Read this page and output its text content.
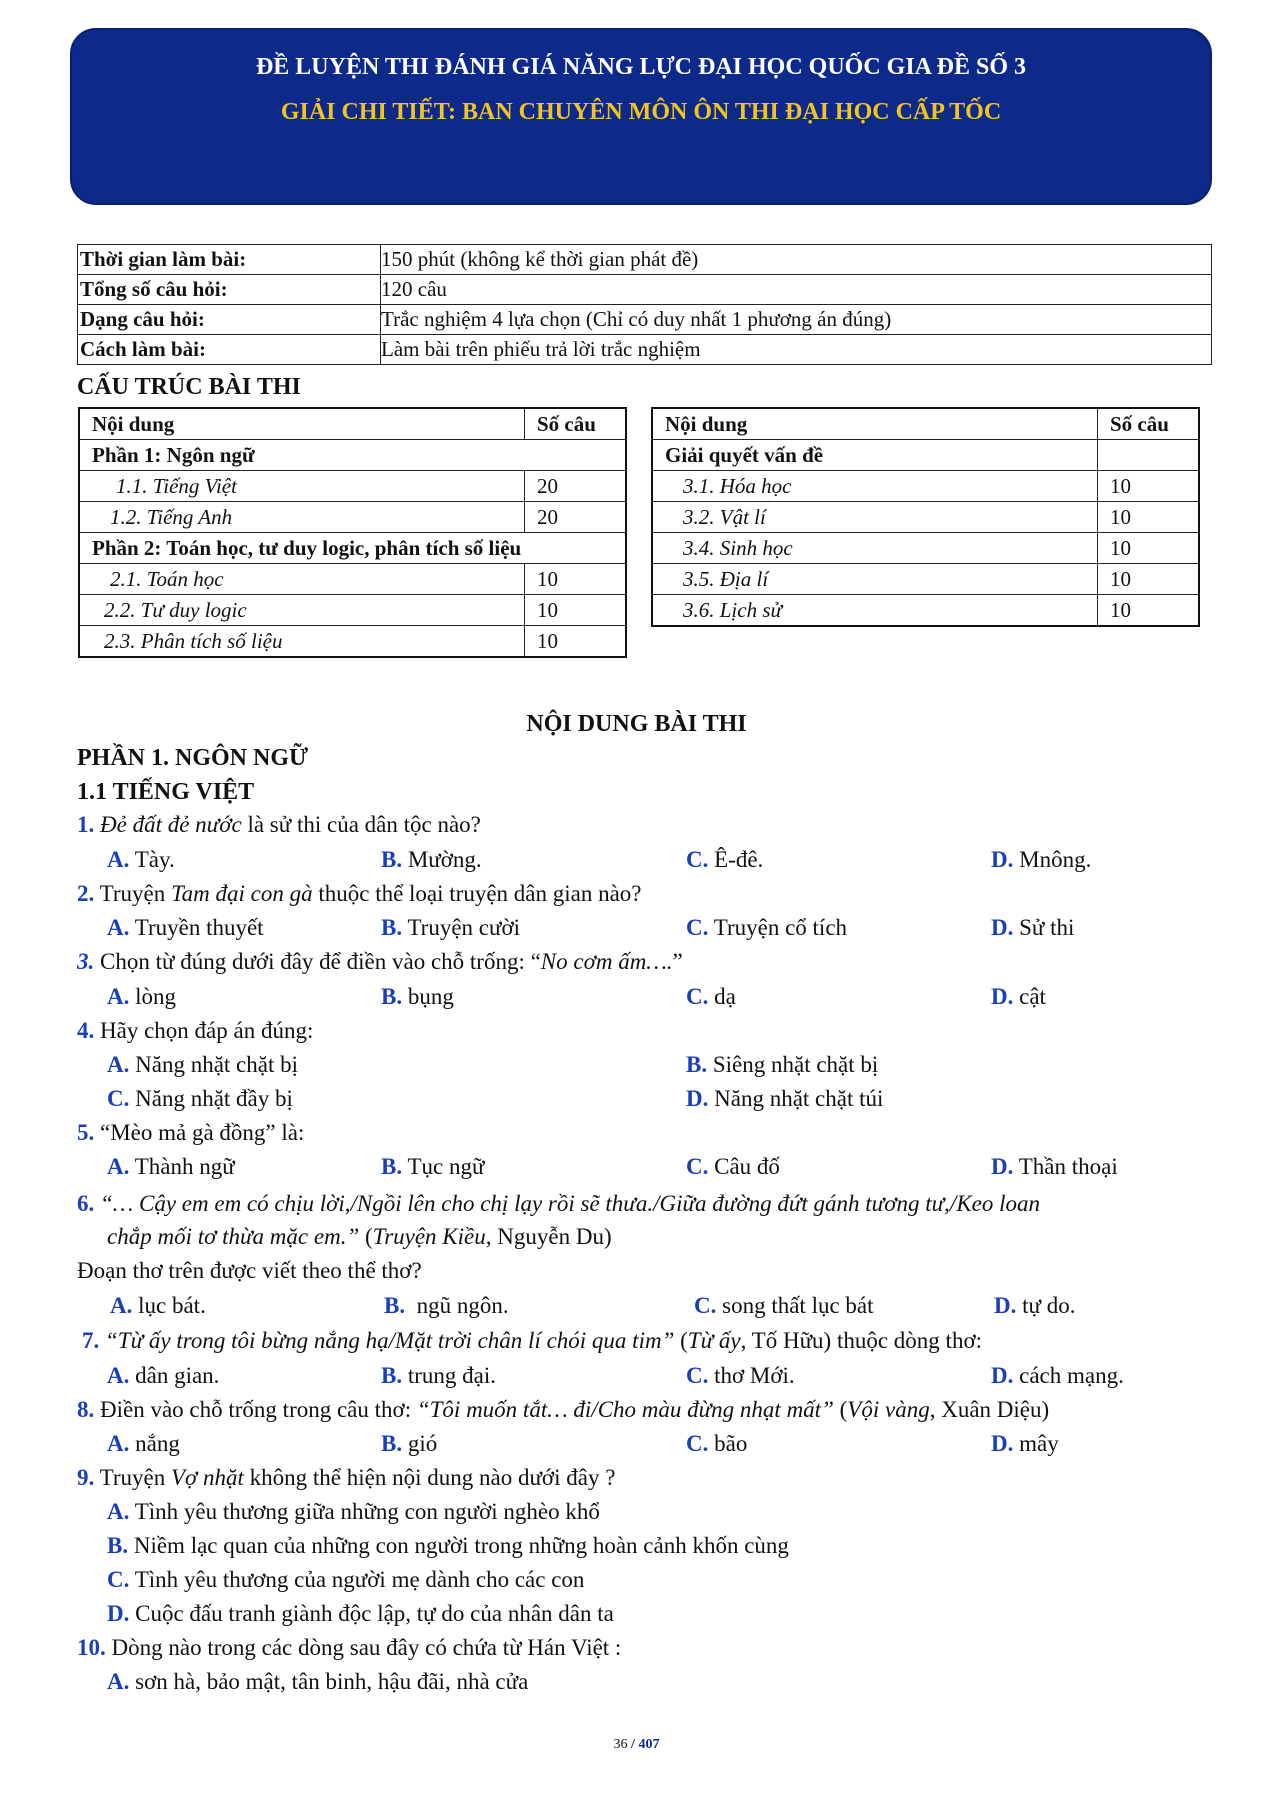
ĐỀ LUYỆN THI ĐÁNH GIÁ NĂNG LỰC ĐẠI HỌC QUỐC GIA ĐỀ SỐ 3
GIẢI CHI TIẾT: BAN CHUYÊN MÔN ÔN THI ĐẠI HỌC CẤP TỐC
Thời gian làm bài:	150 phút (không kể thời gian phát đề)
Tổng số câu hỏi:	120 câu
Dạng câu hỏi:	Trắc nghiệm 4 lựa chọn (Chỉ có duy nhất 1 phương án đúng)
Cách làm bài:	Làm bài trên phiếu trả lời trắc nghiệm
CẤU TRÚC BÀI THI
Nội dung	Số câu
Phần 1: Ngôn ngữ	
1.1. Tiếng Việt	20
1.2. Tiếng Anh	20
Phần 2: Toán học, tư duy logic, phân tích số liệu	
2.1. Toán học	10
2.2. Tư duy logic	10
2.3. Phân tích số liệu	10
Nội dung	Số câu
Giải quyết vấn đề	
3.1. Hóa học	10
3.2. Vật lí	10
3.4. Sinh học	10
3.5. Địa lí	10
3.6. Lịch sử	10
NỘI DUNG BÀI THI
PHẦN 1. NGÔN NGỮ
1.1 TIẾNG VIỆT
1. Đẻ đất đẻ nước là sử thi của dân tộc nào?
A. Tày.	B. Mường.	C. Ê-đê.	D. Mnông.
2. Truyện Tam đại con gà thuộc thể loại truyện dân gian nào?
A. Truyền thuyết	B. Truyện cười	C. Truyện cổ tích	D. Sử thi
3. Chọn từ đúng dưới đây để điền vào chỗ trống: “No cơm ấm….”
A. lòng	B. bụng	C. dạ	D. cật
4. Hãy chọn đáp án đúng:
A. Năng nhặt chặt bị	B. Siêng nhặt chặt bị
C. Năng nhặt đầy bị	D. Năng nhặt chặt túi
5. “Mèo mả gà đồng” là:
A. Thành ngữ	B. Tục ngữ	C. Câu đố	D. Thần thoại
6. “… Cậy em em có chịu lời,/Ngồi lên cho chị lạy rồi sẽ thưa./Giữa đường đứt gánh tương tư,/Keo loan
chắp mối tơ thừa mặc em.” (Truyện Kiều, Nguyễn Du)
Đoạn thơ trên được viết theo thể thơ?
A. lục bát.	B. ngũ ngôn.	C. song thất lục bát	D. tự do.
7. “Từ ấy trong tôi bừng nắng hạ/Mặt trời chân lí chói qua tim” (Từ ấy, Tố Hữu) thuộc dòng thơ:
A. dân gian.	B. trung đại.	C. thơ Mới.	D. cách mạng.
8. Điền vào chỗ trống trong câu thơ: “Tôi muốn tắt… đi/Cho màu đừng nhạt mất” (Vội vàng, Xuân Diệu)
A. nắng	B. gió	C. bão	D. mây
9. Truyện Vợ nhặt không thể hiện nội dung nào dưới đây ?
A. Tình yêu thương giữa những con người nghèo khổ
B. Niềm lạc quan của những con người trong những hoàn cảnh khốn cùng
C. Tình yêu thương của người mẹ dành cho các con
D. Cuộc đấu tranh giành độc lập, tự do của nhân dân ta
10. Dòng nào trong các dòng sau đây có chứa từ Hán Việt :
A. sơn hà, bảo mật, tân binh, hậu đãi, nhà cửa
36 / 407
